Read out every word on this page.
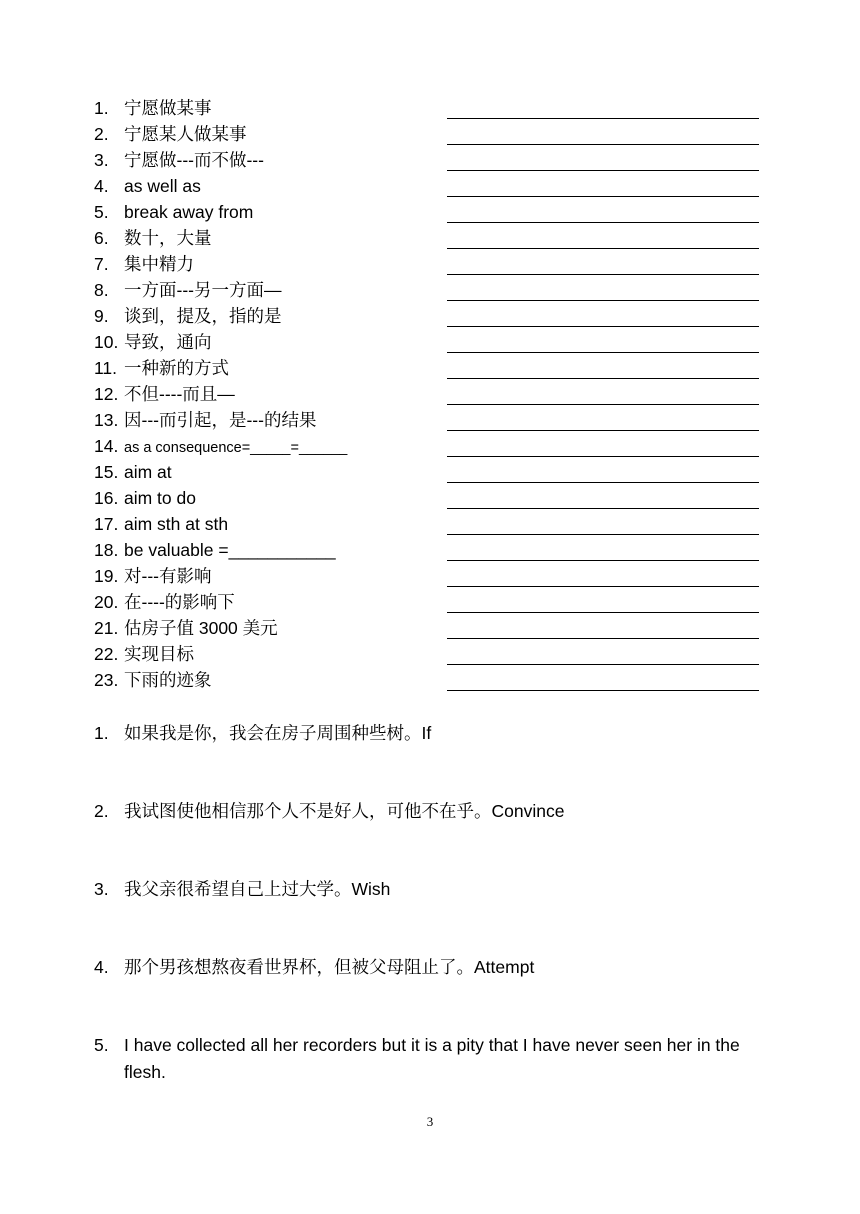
1. 宁愿做某事
2. 宁愿某人做某事
3. 宁愿做---而不做---
4. as well as
5. break away from
6. 数十，大量
7. 集中精力
8. 一方面---另一方面—
9. 谈到，提及，指的是
10. 导致，通向
11. 一种新的方式
12. 不但----而且—
13. 因---而引起，是---的结果
14. as a consequence=_____=______
15. aim at
16. aim to do
17. aim sth at sth
18. be valuable =___________
19. 对---有影响
20. 在----的影响下
21. 估房子值 3000 美元
22. 实现目标
23. 下雨的迹象
1. 如果我是你，我会在房子周围种些树。If
2. 我试图使他相信那个人不是好人，可他不在乎。Convince
3. 我父亲很希望自己上过大学。Wish
4. 那个男孩想熬夜看世界杯，但被父母阻止了。Attempt
5. I have collected all her recorders but it is a pity that I have never seen her in the flesh.
3
